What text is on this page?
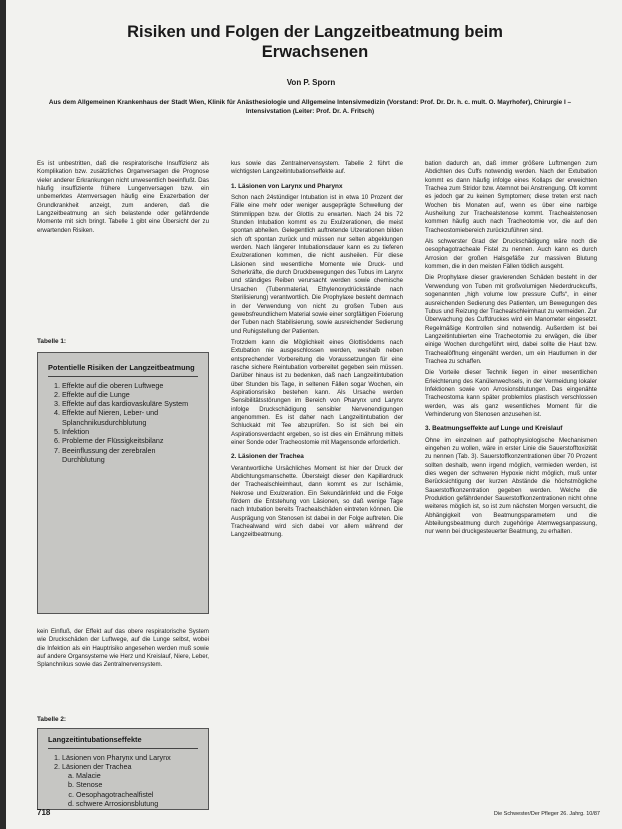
Risiken und Folgen der Langzeitbeatmung beim Erwachsenen
Von P. Sporn
Aus dem Allgemeinen Krankenhaus der Stadt Wien, Klinik für Anästhesiologie und Allgemeine Intensivmedizin (Vorstand: Prof. Dr. Dr. h. c. mult. O. Mayrhofer), Chirurgie I – Intensivstation (Leiter: Prof. Dr. A. Fritsch)

Es ist unbestritten, daß die respiratorische Insuffizienz als Komplikation bzw. zusätzliches Organversagen die Prognose vieler anderer Erkrankungen nicht unwesentlich beeinflußt. Das häufig insuffiziente frühere Lungenversagen bzw. ein unbemerktes Atemversagen häufig eine Exazerbation der Grundkrankheit anzeigt, zum anderen, daß die Langzeitbeatmung an sich belastende oder gefährdende Momente mit sich bringt. Tabelle 1 gibt eine Übersicht der zu erwartenden Risiken.

Tabelle 1:
Potentielle Risiken der Langzeitbeatmung
1. Effekte auf die oberen Luftwege
2. Effekte auf die Lunge
3. Effekte auf das kardiovaskuläre System
4. Effekte auf Nieren, Leber- und Splanchnikusdurchblutung
5. Infektion
6. Probleme der Flüssigkeitsbilanz
7. Beeinflussung der zerebralen Durchblutung
kein Einfluß, der Effekt auf das obere respiratorische System wie Druckschäden der Luftwege, auf die Lunge selbst, wobei die Infektion als ein Hauptrisiko angesehen werden muß sowie auf andere Organsysteme wie Herz und Kreislauf, Niere, Leber, Splanchnikus sowie das Zentralnervensystem.
Tabelle 2:
Langzeitintubationseffekte
1. Läsionen von Pharynx und Larynx
2. Läsionen der Trachea
a. Malacie
b. Stenose
c. Oesophagotrachealfistel
d. schwere Arrosionsblutung

kus sowie das Zentralnervensystem. Tabelle 2 führt die wichtigsten Langzeitintubationseffekte auf.

1. Läsionen von Larynx und Pharynx

Schon nach 24stündiger Intubation ist in etwa 10 Prozent der Fälle eine mehr oder weniger ausgeprägte Schwellung der Stimmlippen bzw. der Glottis zu erwarten. Nach 24 bis 72 Stunden Intubation kommt es zu Exulzerationen, die meist spontan abheilen. Gelegentlich auftretende Ulzerationen bilden sich oft spontan zurück und müssen nur selten abgeklungen werden. Nach längerer Intubationsdauer kann es zu tieferen Exulzerationen kommen, die nicht ausheilen. Für diese Läsionen sind wesentliche Momente wie Druck- und Scherkräfte, die durch Druckbewegungen des Tubus im Larynx und ständiges Reiben verursacht werden sowie chemische Ursachen (Tubenmaterial, Ethylenoxydrückstände nach Sterilisierung) verantwortlich. Die Prophylaxe besteht demnach in der Verwendung von nicht zu großen Tuben aus gewebsfreundlichem Material sowie einer sorgfältigen Fixierung der Tuben nach Stabilisierung, sowie ausreichender Sedierung und Ruhigstellung der Patienten.

Trotzdem kann die Möglichkeit eines Glottisödems nach Extubation nie ausgeschlossen werden, weshalb neben entsprechender Vorbereitung die Voraussetzungen für eine rasche sichere Reintubation vorbereitet gegeben sein müssen. Darüber hinaus ist zu bedenken, daß nach Langzeitintubation über Stunden bis Tage, in seltenen Fällen sogar Wochen, ein Aspirationsrisiko bestehen kann. Als Ursache werden Sensibilitätsstörungen im Bereich von Pharynx und Larynx infolge Druckschädigung sensibler Nervenendigungen angenommen. Es ist daher nach Langzeitintubation der Schluckakt mit Tee abzuprüfen. So ist sich bei ein Aspirationsverdacht ergeben, so ist dies ein Ernährung mittels einer Sonde oder Tracheostomie mit Magensonde erforderlich.

2. Läsionen der Trachea

Verantwortliche Ursächliches Moment ist hier der Druck der Abdichtungsmanschette. Übersteigt dieser den Kapillardruck der Trachealschleimhaut, dann kommt es zur Ischämie, Nekrose und Exulzeration. Ein Sekundärinfekt und die Folge fördern die Entstehung von Läsionen, so daß wenige Tage nach Intubation bereits Trachealschäden eintreten können. Die Ausprägung von Stenosen ist dabei in der Folge auftreten. Die Trachealwand wird sich dabei vor allem während der Langzeitbeatmung.

bation dadurch an, daß immer größere Luftmengen zum Abdichten des Cuffs notwendig werden. Nach der Extubation kommt es dann häufig infolge eines Kollaps der erweichten Trachea zum Stridor bzw. Atemnot bei Anstrengung. Oft kommt es jedoch gar zu keinen Symptomen; diese treten erst nach Wochen bis Monaten auf, wenn es über eine narbige Ausheilung zur Trachealstenose kommt. Trachealstenosen kommen häufig auch nach Tracheotomie vor, die auf den Tracheostomiebereich zurückzuführen sind.

Als schwerster Grad der Druckschädigung wäre noch die oesophagotracheale Fistel zu nennen. Auch kann es durch Arrosion der großen Halsgefäße zur massiven Blutung kommen, die in den meisten Fällen tödlich ausgeht.

Die Prophylaxe dieser gravierenden Schäden besteht in der Verwendung von Tuben mit großvolumigen Niederdruckcuffs, sogenannten „high volume low pressure Cuffs“, in einer ausreichenden Sedierung des Patienten, um Bewegungen des Tubus und Reizung der Trachealschleimhaut zu vermeiden. Zur Überwachung des Cuffdruckes wird ein Manometer eingesetzt. Regelmäßige Kontrollen sind notwendig. Außerdem ist bei Langzeitintubierten eine Tracheotomie zu erwägen, die über einige Wochen durchgeführt wird, dabei sollte die Haut bzw. Trachealöffnung eingenäht werden, um ein Hautlumen in der Trachea zu schaffen.

Die Vorteile dieser Technik liegen in einer wesentlichen Erleichterung des Kanülenwechsels, in der Vermeidung lokaler Infektionen sowie von Arrosionsblutungen. Das eingenähte Tracheostoma kann später problemlos plastisch verschlossen werden, was als ganz wesentliches Moment für die Verhinderung von Stenosen anzusehen ist.

3. Beatmungseffekte auf Lunge und Kreislauf

Ohne im einzelnen auf pathophysiologische Mechanismen eingehen zu wollen, wäre in erster Linie die Sauerstofftoxizität zu nennen (Tab. 3). Sauerstoffkonzentrationen über 70 Prozent sollten deshalb, wenn irgend möglich, vermieden werden, ist dies wegen der schweren Hypoxie nicht möglich, muß unter Berücksichtigung der kurzen Abstände die höchstmögliche Sauerstoffkonzentration gegeben werden. Welche die Produktion gefährdender Sauerstoffkonzentrationen nicht ohne weiteres möglich ist, so ist zum nächsten Morgen versucht, die Abhängigkeit von Beatmungsparametern und die Abteilungsbeatmung durch zugehörige Atemwegsanpassung, nur wenn bei druckgesteuerter Beatmung, zu erhalten.

718	Die Schwester/Der Pfleger 26. Jahrg. 10/87
